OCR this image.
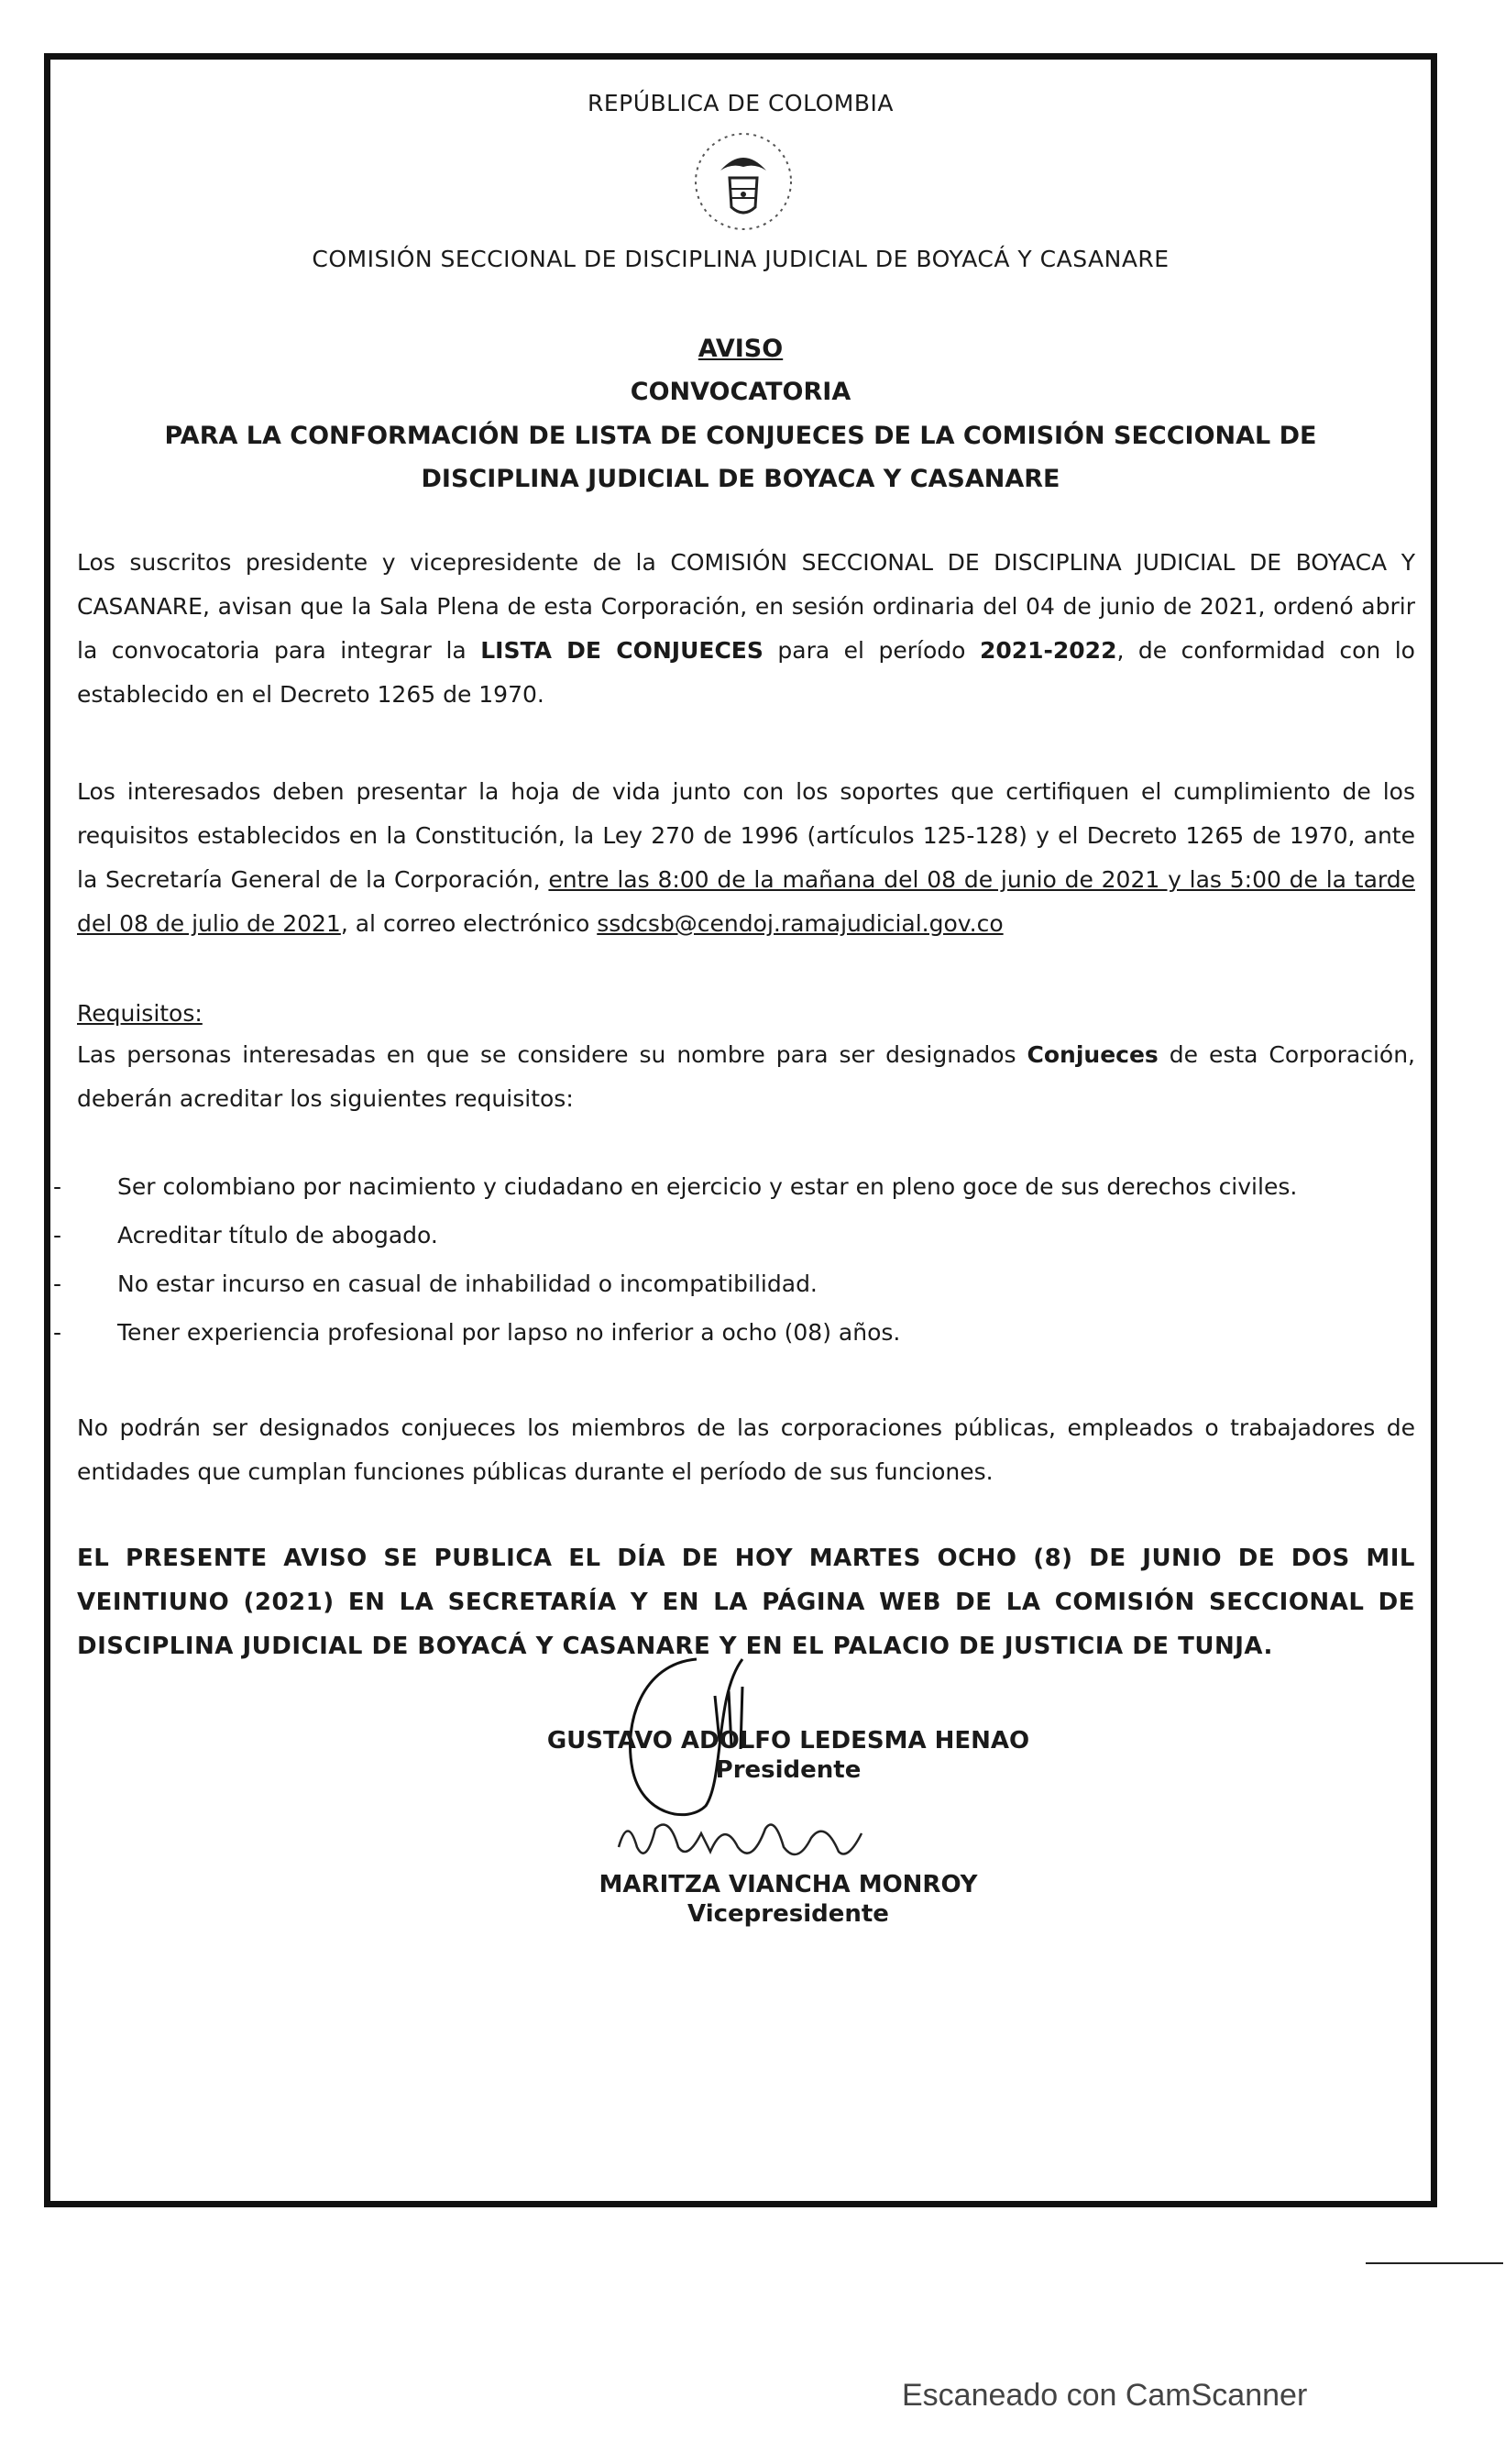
REPÚBLICA DE COLOMBIA
COMISIÓN SECCIONAL DE DISCIPLINA JUDICIAL DE BOYACÁ Y CASANARE
AVISO
CONVOCATORIA
PARA LA CONFORMACIÓN DE LISTA DE CONJUECES DE LA COMISIÓN SECCIONAL DE
DISCIPLINA JUDICIAL DE BOYACA Y CASANARE
Los suscritos presidente y vicepresidente de la COMISIÓN SECCIONAL DE DISCIPLINA JUDICIAL DE BOYACA Y CASANARE, avisan que la Sala Plena de esta Corporación, en sesión ordinaria del 04 de junio de 2021, ordenó abrir la convocatoria para integrar la LISTA DE CONJUECES para el período 2021-2022, de conformidad con lo establecido en el Decreto 1265 de 1970.
Los interesados deben presentar la hoja de vida junto con los soportes que certifiquen el cumplimiento de los requisitos establecidos en la Constitución, la Ley 270 de 1996 (artículos 125-128) y el Decreto 1265 de 1970, ante la Secretaría General de la Corporación, entre las 8:00 de la mañana del 08 de junio de 2021 y las 5:00 de la tarde del 08 de julio de 2021, al correo electrónico ssdcsb@cendoj.ramajudicial.gov.co
Requisitos:
Las personas interesadas en que se considere su nombre para ser designados Conjueces de esta Corporación, deberán acreditar los siguientes requisitos:
- Ser colombiano por nacimiento y ciudadano en ejercicio y estar en pleno goce de sus derechos civiles.
- Acreditar título de abogado.
- No estar incurso en casual de inhabilidad o incompatibilidad.
- Tener experiencia profesional por lapso no inferior a ocho (08) años.
No podrán ser designados conjueces los miembros de las corporaciones públicas, empleados o trabajadores de entidades que cumplan funciones públicas durante el período de sus funciones.
EL PRESENTE AVISO SE PUBLICA EL DÍA DE HOY MARTES OCHO (8) DE JUNIO DE DOS MIL VEINTIUNO (2021) EN LA SECRETARÍA Y EN LA PÁGINA WEB DE LA COMISIÓN SECCIONAL DE DISCIPLINA JUDICIAL DE BOYACÁ Y CASANARE Y EN EL PALACIO DE JUSTICIA DE TUNJA.
GUSTAVO ADOLFO LEDESMA HENAO
Presidente
MARITZA VIANCHA MONROY
Vicepresidente
Escaneado con CamScanner
